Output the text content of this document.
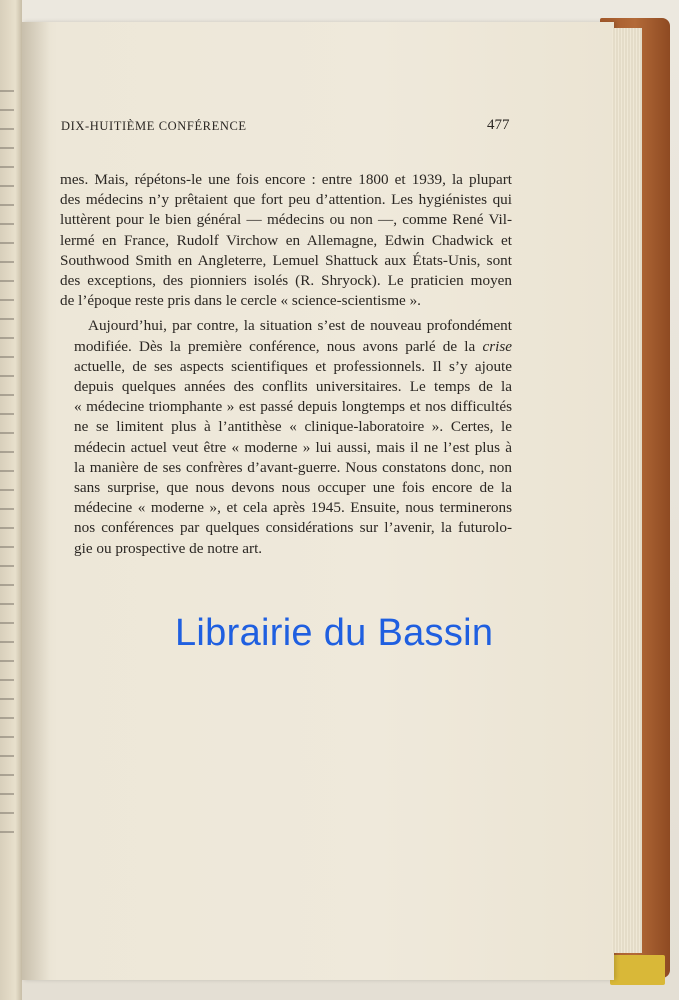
DIX-HUITIÈME CONFÉRENCE	477

mes. Mais, répétons-le une fois encore : entre 1800 et 1939, la plupart
des médecins n’y prêtaient que fort peu d’attention. Les hygiénistes qui
luttèrent pour le bien général — médecins ou non —, comme René Vil-
lermé en France, Rudolf Virchow en Allemagne, Edwin Chadwick et
Southwood Smith en Angleterre, Lemuel Shattuck aux États-Unis, sont
des exceptions, des pionniers isolés (R. Shryock). Le praticien moyen
de l’époque reste pris dans le cercle « science-scientisme ».

Aujourd’hui, par contre, la situation s’est de nouveau profondément
modifiée. Dès la première conférence, nous avons parlé de la crise
actuelle, de ses aspects scientifiques et professionnels. Il s’y ajoute
depuis quelques années des conflits universitaires. Le temps de la
« médecine triomphante » est passé depuis longtemps et nos difficultés
ne se limitent plus à l’antithèse « clinique-laboratoire ». Certes, le
médecin actuel veut être « moderne » lui aussi, mais il ne l’est plus à
la manière de ses confrères d’avant-guerre. Nous constatons donc, non
sans surprise, que nous devons nous occuper une fois encore de la
médecine « moderne », et cela après 1945. Ensuite, nous terminerons
nos conférences par quelques considérations sur l’avenir, la futurolo-
gie ou prospective de notre art.

Librairie du Bassin
